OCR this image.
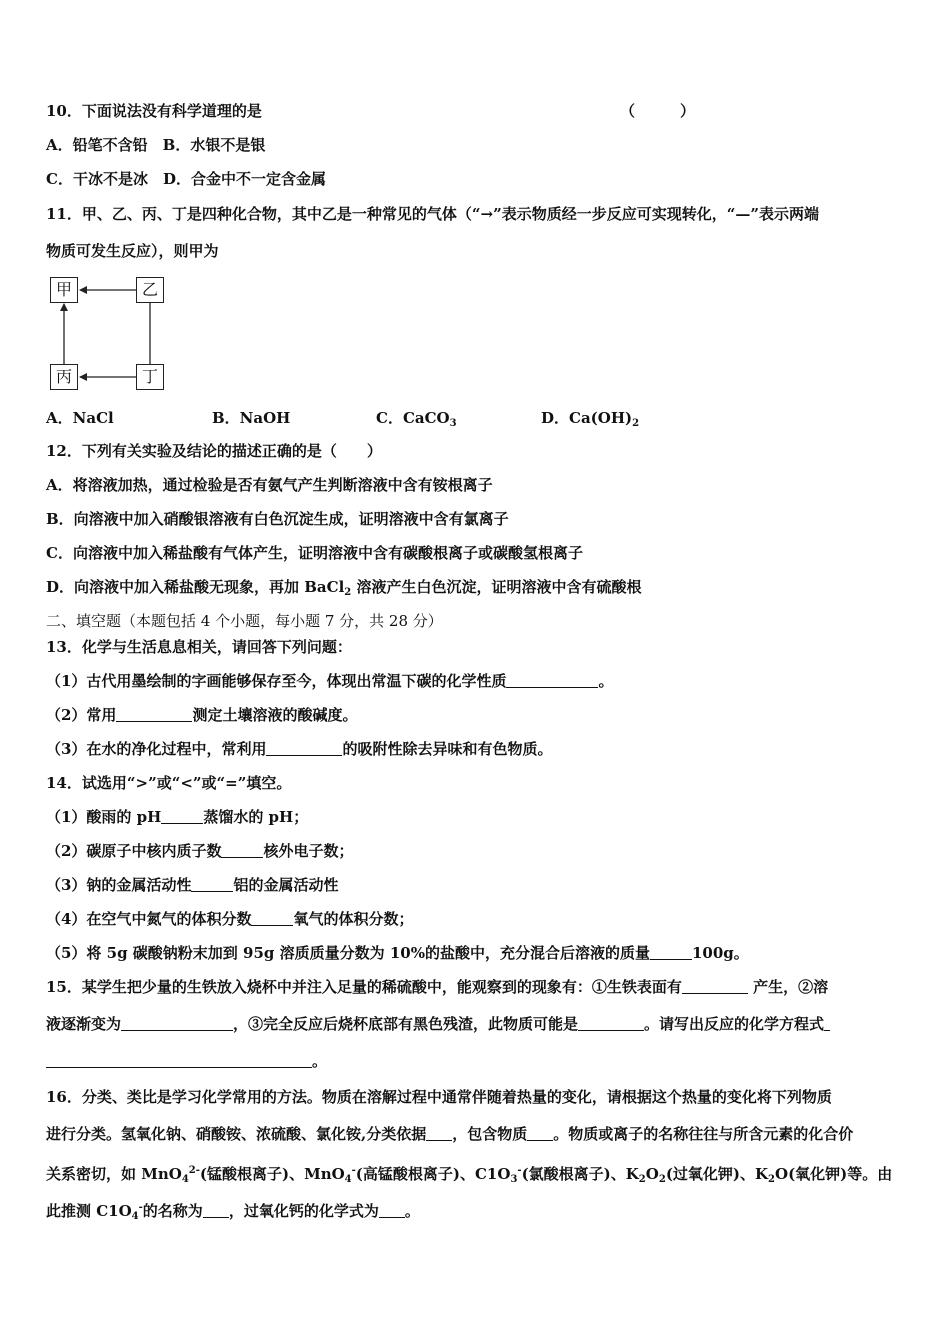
10．下面说法没有科学道理的是	（　　　）
A．铅笔不含铅　B．水银不是银
C．干冰不是冰　D．合金中不一定含金属
11．甲、乙、丙、丁是四种化合物，其中乙是一种常见的气体（“→”表示物质经一步反应可实现转化，“—”表示两端
物质可发生反应），则甲为
甲	乙
丙	丁
A．NaCl	B．NaOH	C．CaCO$_3$	D．$Ca(OH)_2$
12．下列有关实验及结论的描述正确的是（　　）
A．将溶液加热，通过检验是否有氨气产生判断溶液中含有铵根离子
B．向溶液中加入硝酸银溶液有白色沉淀生成，证明溶液中含有氯离子
C．向溶液中加入稀盐酸有气体产生，证明溶液中含有碳酸根离子或碳酸氢根离子
D．向溶液中加入稀盐酸无现象，再加 BaCl$_2$ 溶液产生白色沉淀，证明溶液中含有硫酸根
二、填空题（本题包括 4 个小题，每小题 7 分，共 28 分）
13．化学与生活息息相关，请回答下列问题：
（1）古代用墨绘制的字画能够保存至今，体现出常温下碳的化学性质	。
（2）常用	测定土壤溶液的酸碱度。
（3）在水的净化过程中，常利用	的吸附性除去异味和有色物质。
14．试选用“>”或“<”或“=”填空。
（1）酸雨的 pH	蒸馏水的 pH；
（2）碳原子中核内质子数	核外电子数；
（3）钠的金属活动性	铝的金属活动性
（4）在空气中氮气的体积分数	氧气的体积分数；
（5）将 5g 碳酸钠粉末加到 95g 溶质质量分数为 10%的盐酸中，充分混合后溶液的质量	100g。
15．某学生把少量的生铁放入烧杯中并注入足量的稀硫酸中，能观察到的现象有：①生铁表面有	产生，②溶
液逐渐变为	，③完全反应后烧杯底部有黑色残渣，此物质可能是	。请写出反应的化学方程式
。
16．分类、类比是学习化学常用的方法。物质在溶解过程中通常伴随着热量的变化，请根据这个热量的变化将下列物质
进行分类。氢氧化钠、硝酸铵、浓硫酸、氯化铵,分类依据 ，包含物质 。物质或离子的名称往往与所含元素的化合价
关系密切，如 MnO$_4^{2-}$(锰酸根离子)、MnO$_4$-(高锰酸根离子)、$C1O_3^-$(氯酸根离子)、$K_2O_2$(过氧化钾)、$K_2O$(氧化钾)等。由
此推测 $C1O_4^-$的名称为 ，过氧化钙的化学式为 。
